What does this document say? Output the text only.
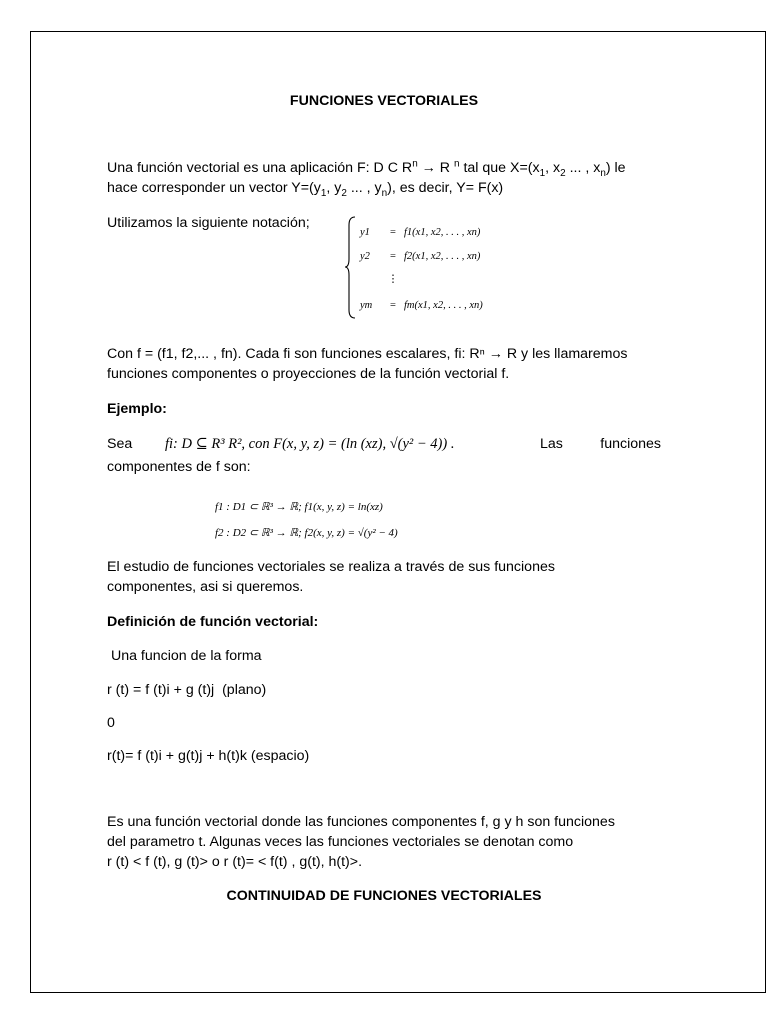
FUNCIONES VECTORIALES
Una función vectorial es una aplicación F: D C $R^n \to R$ $^n$ tal que $X=(x_1$, $x_2$ ... , $x_n$) le
hace corresponder un vector $Y=(y_1$, $y_2$ ... , $y_n$), es decir, Y= F(x)
Utilizamos la siguiente notación;
y1 = f1(x1, x2, . . . , xn)
y2 = f2(x1, x2, . . . , xn)
⋮
ym = fm(x1, x2, . . . , xn)
Con f = (f1, f2,... , fn). Cada fi son funciones escalares, fi: Rⁿ → R y les llamaremos
funciones componentes o proyecciones de la función vectorial f.
Ejemplo:
Sea fi: D ⊆ R³ R², con F(x, y, z) = (ln (xz), √(y² − 4)) .	Las	funciones
componentes de f son:
f1 : D1 ⊂ ℝ³ → ℝ; f1(x, y, z) = ln(xz)
f2 : D2 ⊂ ℝ³ → ℝ; f2(x, y, z) = √(y² − 4)
El estudio de funciones vectoriales se realiza a través de sus funciones
componentes, asi si queremos.
Definición de función vectorial:
Una funcion de la forma
r (t) = f (t)i + g (t)j  (plano)
0
r(t)= f (t)i + g(t)j + h(t)k (espacio)
Es una función vectorial donde las funciones componentes f, g y h son funciones
del parametro t. Algunas veces las funciones vectoriales se denotan como
r (t) < f (t), g (t)> o r (t)= < f(t) , g(t), h(t)>.
CONTINUIDAD DE FUNCIONES VECTORIALES
